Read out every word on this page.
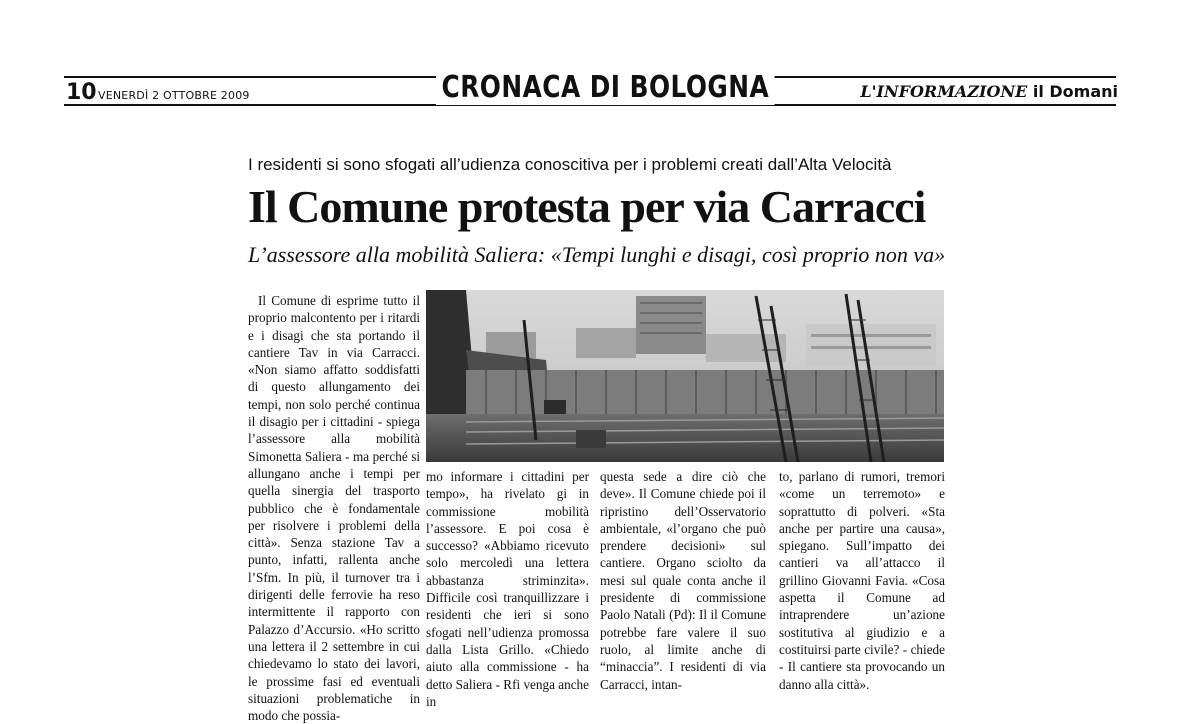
10 VENERDÌ 2 OTTOBRE 2009	CRONACA DI BOLOGNA	L'INFORMAZIONE il Domani
I residenti si sono sfogati all’udienza conoscitiva per i problemi creati dall’Alta Velocità
Il Comune protesta per via Carracci
L’assessore alla mobilità Saliera: «Tempi lunghi e disagi, così proprio non va»
Il Comune di esprime tutto il proprio malcontento per i ritardi e i disagi che sta portando il cantiere Tav in via Carracci. «Non siamo affatto soddisfatti di questo allungamento dei tempi, non solo perché continua il disagio per i cittadini - spiega l’assessore alla mobilità Simonetta Saliera - ma perché si allungano anche i tempi per quella sinergia del trasporto pubblico che è fondamentale per risolvere i problemi della città». Senza stazione Tav a punto, infatti, rallenta anche l’Sfm. In più, il turnover tra i dirigenti delle ferrovie ha reso intermittente il rapporto con Palazzo d’Accursio. «Ho scritto una lettera il 2 settembre in cui chiedevamo lo stato dei lavori, le prossime fasi ed eventuali situazioni problematiche in modo che possia-
mo informare i cittadini per tempo», ha rivelato gi in commissione mobilità l’assessore. E poi cosa è successo? «Abbiamo ricevuto solo mercoledì una lettera abbastanza striminzita». Difficile così tranquillizzare i residenti che ieri si sono sfogati nell’udienza promossa dalla Lista Grillo. «Chiedo aiuto alla commissione - ha detto Saliera - Rfi venga anche in
questa sede a dire ciò che deve». Il Comune chiede poi il ripristino dell’Osservatorio ambientale, «l’organo che può prendere decisioni» sul cantiere. Organo sciolto da mesi sul quale conta anche il presidente di commissione Paolo Natali (Pd): Il il Comune potrebbe fare valere il suo ruolo, al limite anche di “minaccia”. I residenti di via Carracci, intan-
to, parlano di rumori, tremori «come un terremoto» e soprattutto di polveri. «Sta anche per partire una causa», spiegano. Sull’impatto dei cantieri va all’attacco il grillino Giovanni Favia. «Cosa aspetta il Comune ad intraprendere un’azione sostitutiva al giudizio e a costituirsi parte civile? - chiede - Il cantiere sta provocando un danno alla città».
